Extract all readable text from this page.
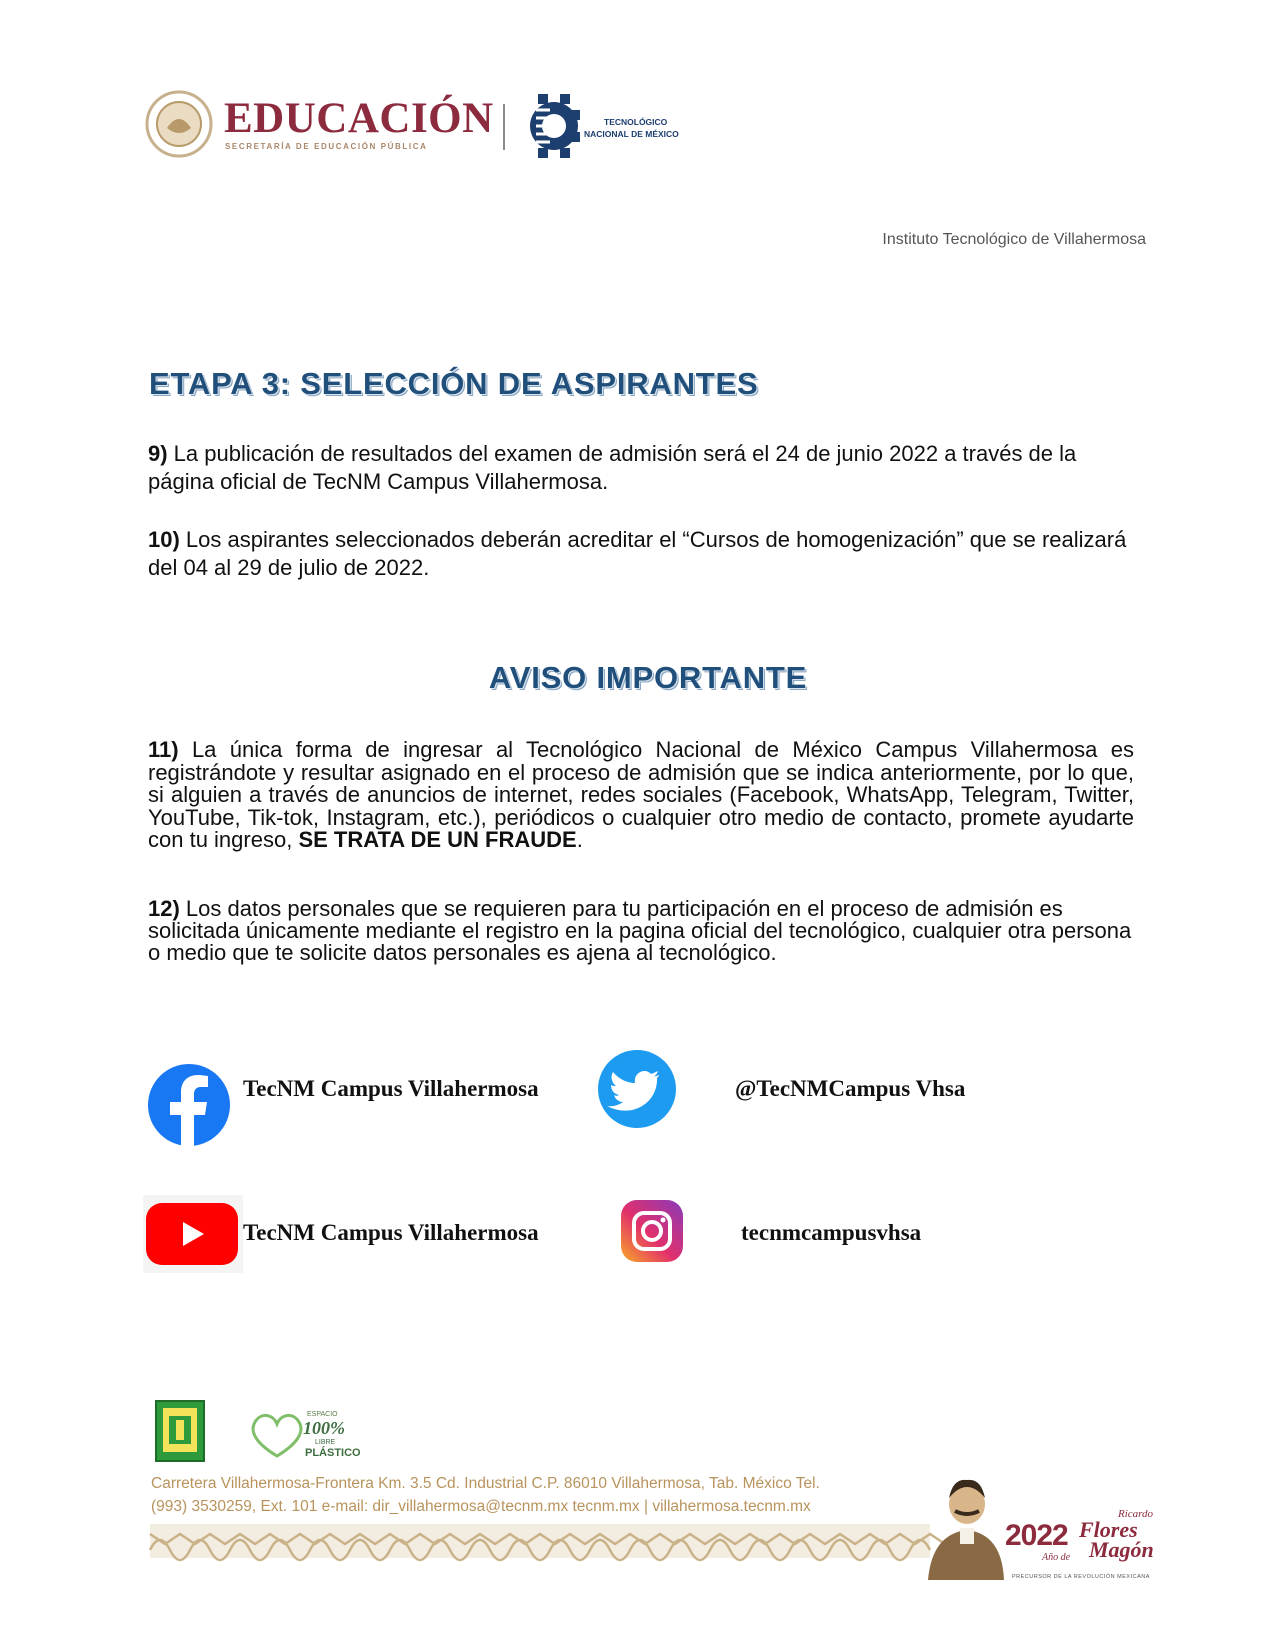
EDUCACIÓN
SECRETARÍA DE EDUCACIÓN PÚBLICA
TECNOLÓGICO
NACIONAL DE MÉXICO
Instituto Tecnológico de Villahermosa
ETAPA 3: SELECCIÓN DE ASPIRANTES

9) La publicación de resultados del examen de admisión será el 24 de junio 2022 a través de la página oficial de TecNM Campus Villahermosa.

10) Los aspirantes seleccionados deberán acreditar el “Cursos de homogenización” que se realizará del 04 al 29 de julio de 2022.

AVISO IMPORTANTE

11) La única forma de ingresar al Tecnológico Nacional de México Campus Villahermosa es registrándote y resultar asignado en el proceso de admisión que se indica anteriormente, por lo que, si alguien a través de anuncios de internet, redes sociales (Facebook, WhatsApp, Telegram, Twitter, YouTube, Tik-tok, Instagram, etc.), periódicos o cualquier otro medio de contacto, promete ayudarte con tu ingreso, SE TRATA DE UN FRAUDE.

12) Los datos personales que se requieren para tu participación en el proceso de admisión es solicitada únicamente mediante el registro en la pagina oficial del tecnológico, cualquier otra persona o medio que te solicite datos personales es ajena al tecnológico.

TecNM Campus Villahermosa	@TecNMCampus Vhsa
TecNM Campus Villahermosa	tecnmcampusvhsa
ESPACIO
100%
LIBRE
PLÁSTICO
Carretera Villahermosa-Frontera Km. 3.5 Cd. Industrial C.P. 86010 Villahermosa, Tab. México Tel.
(993) 3530259, Ext. 101 e-mail: dir_villahermosa@tecnm.mx tecnm.mx | villahermosa.tecnm.mx	Ricardo
2022 Flores
Magón
Año de
PRECURSOR DE LA REVOLUCIÓN MEXICANA
